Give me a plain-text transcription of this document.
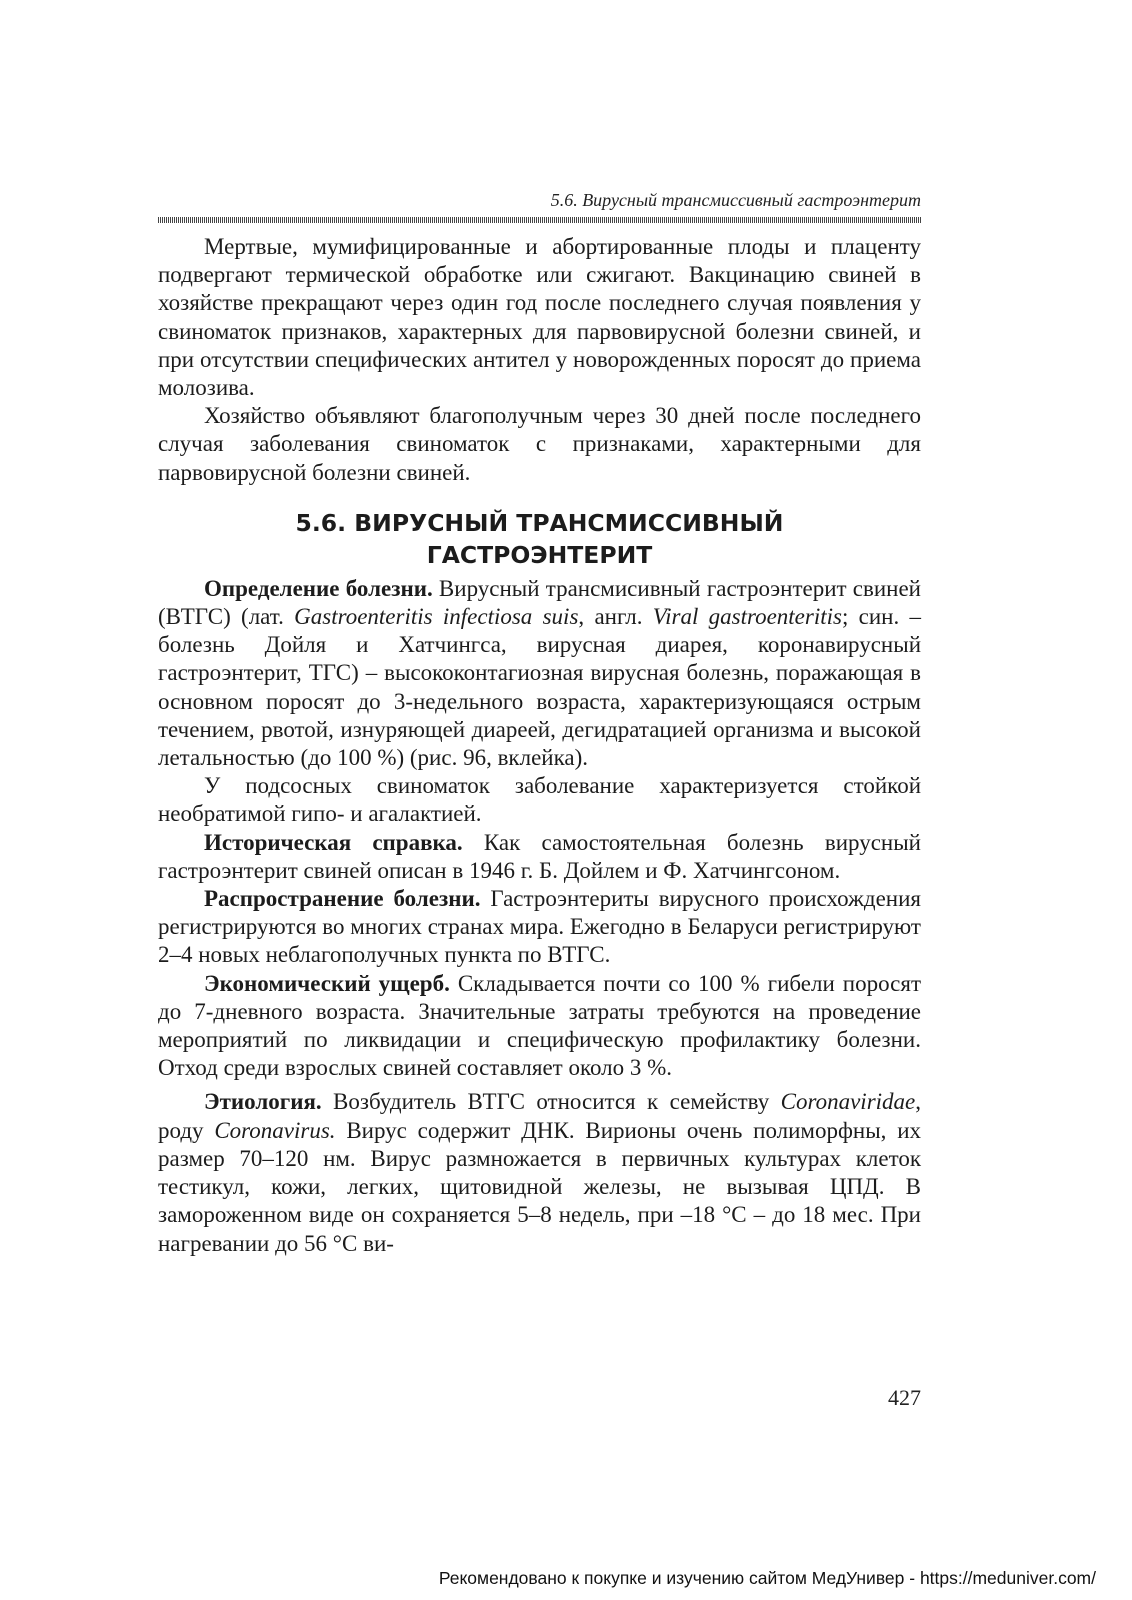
5.6. Вирусный трансмиссивный гастроэнтерит

Мертвые, мумифицированные и абортированные плоды и плаценту подвергают термической обработке или сжигают. Вакцинацию свиней в хозяйстве прекращают через один год после последнего случая появления у свиноматок признаков, характерных для парвовирусной болезни свиней, и при отсутствии специфических антител у новорожденных поросят до приема молозива.

Хозяйство объявляют благополучным через 30 дней после последнего случая заболевания свиноматок с признаками, характерными для парвовирусной болезни свиней.

5.6. ВИРУСНЫЙ ТРАНСМИССИВНЫЙ
ГАСТРОЭНТЕРИТ

Определение болезни. Вирусный трансмисивный гастроэнтерит свиней (ВТГС) (лат. Gastroenteritis infectiosa suis, англ. Viral gastroenteritis; син. – болезнь Дойля и Хатчингса, вирусная диарея, коронавирусный гастроэнтерит, ТГС) – высококонтагиозная вирусная болезнь, поражающая в основном поросят до 3-недельного возраста, характеризующаяся острым течением, рвотой, изнуряющей диареей, дегидратацией организма и высокой летальностью (до 100 %) (рис. 96, вклейка).

У подсосных свиноматок заболевание характеризуется стойкой необратимой гипо- и агалактией.

Историческая справка. Как самостоятельная болезнь вирусный гастроэнтерит свиней описан в 1946 г. Б. Дойлем и Ф. Хатчингсоном.

Распространение болезни. Гастроэнтериты вирусного происхождения регистрируются во многих странах мира. Ежегодно в Беларуси регистрируют 2–4 новых неблагополучных пункта по ВТГС.

Экономический ущерб. Складывается почти со 100 % гибели поросят до 7-дневного возраста. Значительные затраты требуются на проведение мероприятий по ликвидации и специфическую профилактику болезни. Отход среди взрослых свиней составляет около 3 %.

Этиология. Возбудитель ВТГС относится к семейству Coronaviridae, роду Coronavirus. Вирус содержит ДНК. Вирионы очень полиморфны, их размер 70–120 нм. Вирус размножается в первичных культурах клеток тестикул, кожи, легких, щитовидной железы, не вызывая ЦПД. В замороженном виде он сохраняется 5–8 недель, при –18 °С – до 18 мес. При нагревании до 56 °С ви-

427
Рекомендовано к покупке и изучению сайтом МедУнивер - https://meduniver.com/
